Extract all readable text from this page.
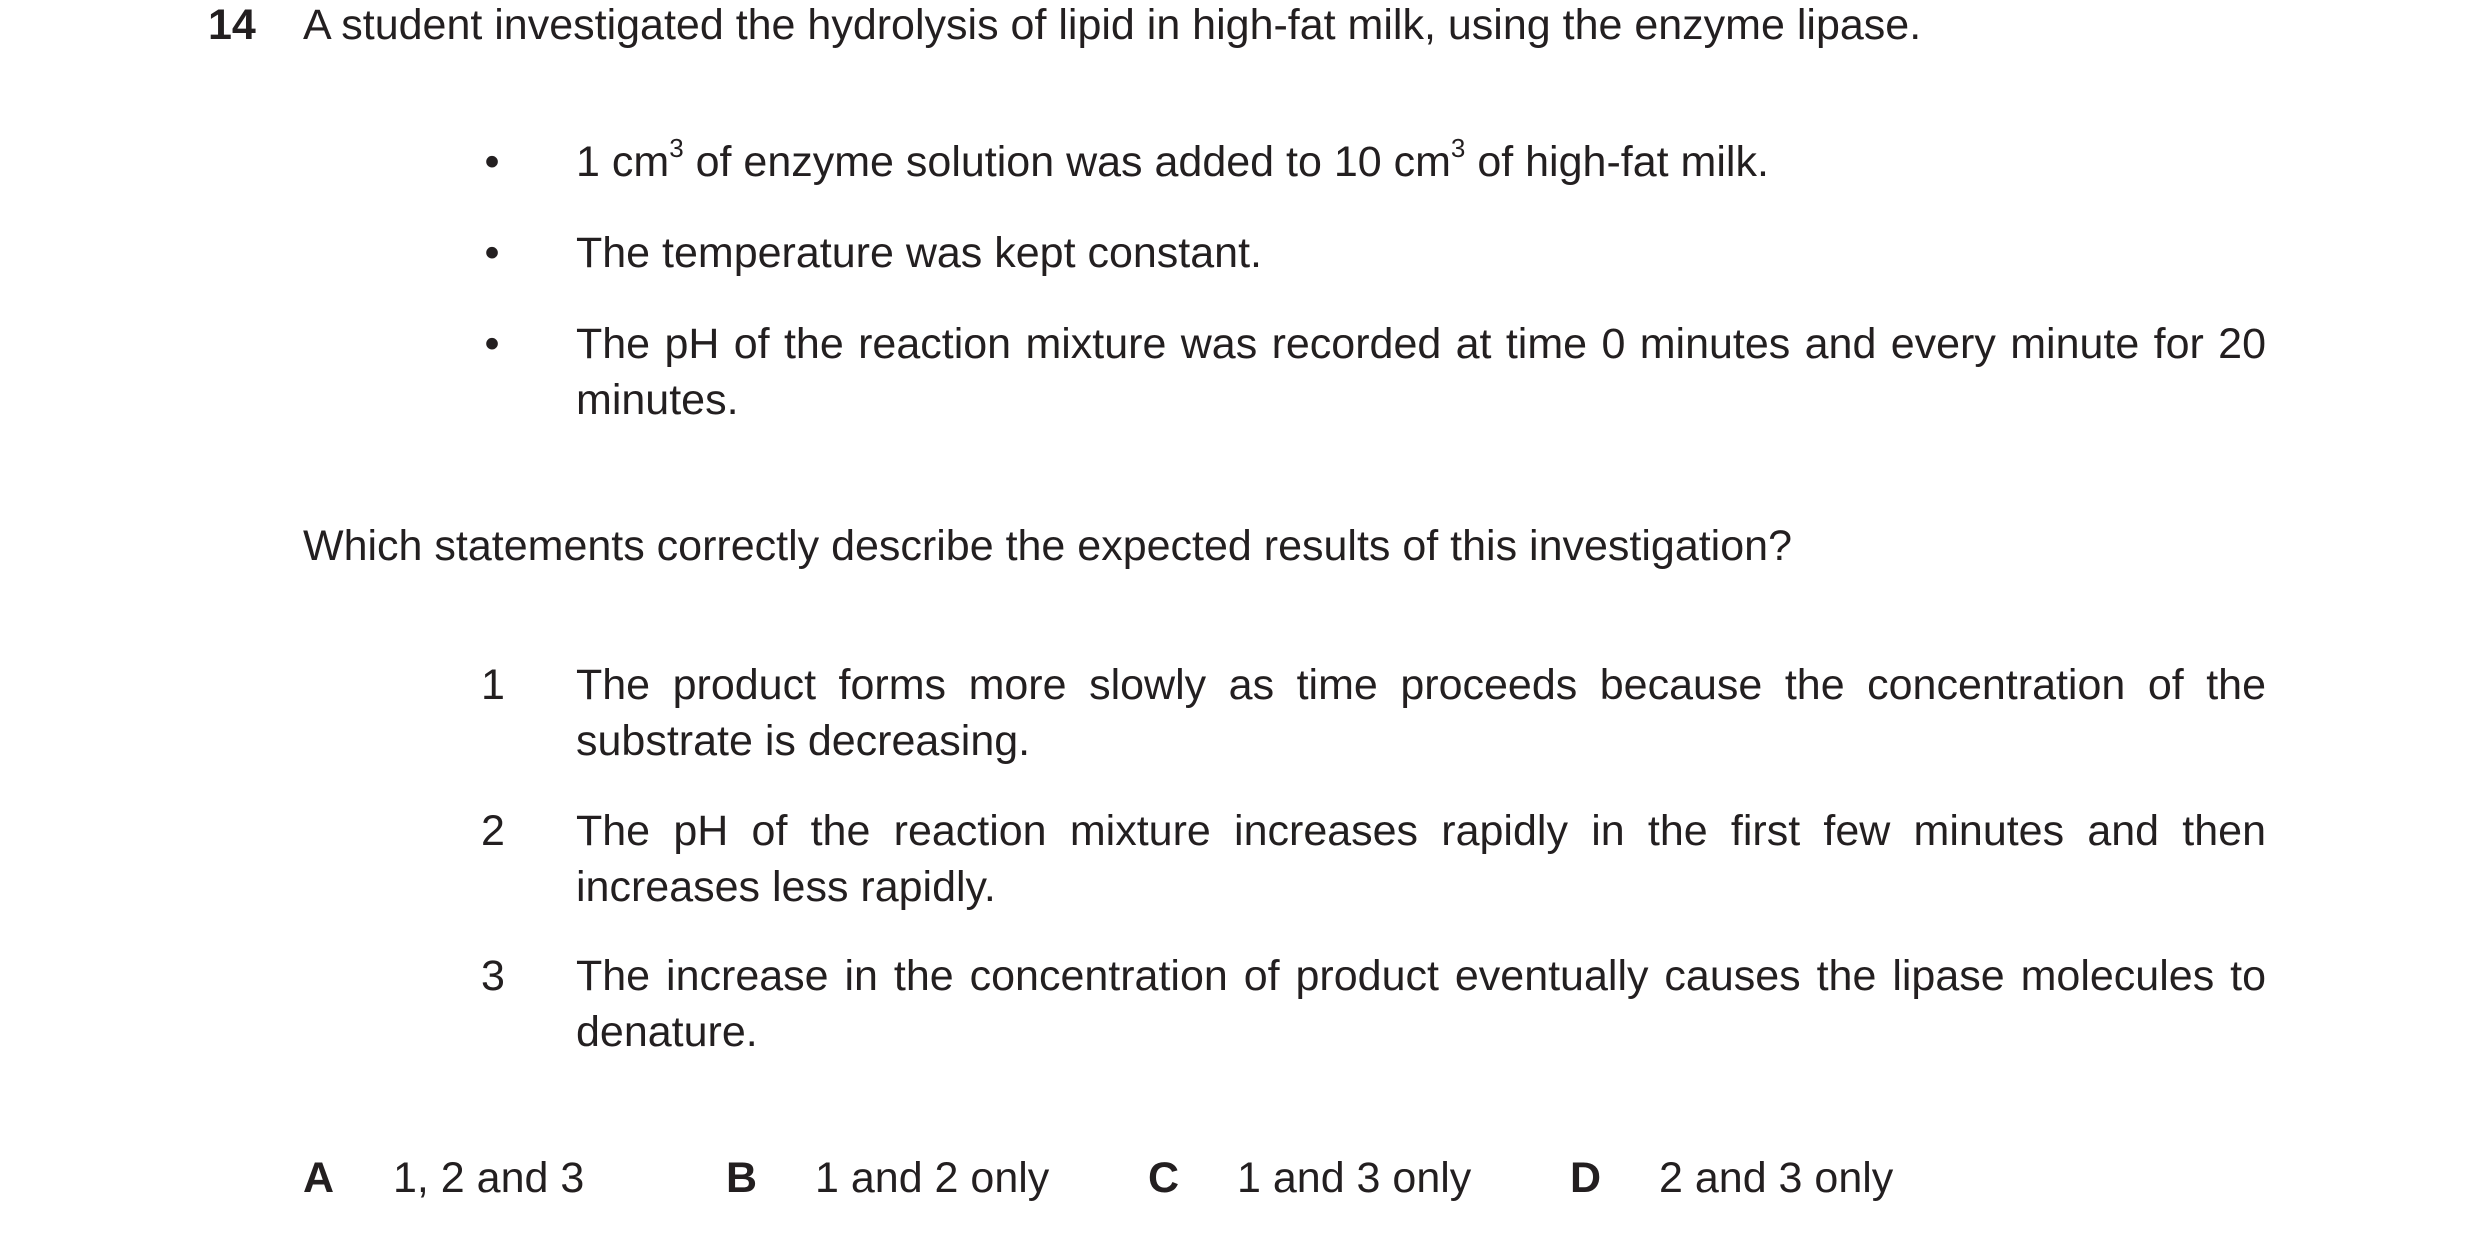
14 A student investigated the hydrolysis of lipid in high-fat milk, using the enzyme lipase.
• 1 $cm^3$ of enzyme solution was added to 10 $cm^3$ of high-fat milk.
• The temperature was kept constant.
• The pH of the reaction mixture was recorded at time 0 minutes and every minute for 20 minutes.
Which statements correctly describe the expected results of this investigation?
1 The product forms more slowly as time proceeds because the concentration of the substrate is decreasing.
2 The pH of the reaction mixture increases rapidly in the first few minutes and then increases less rapidly.
3 The increase in the concentration of product eventually causes the lipase molecules to denature.
A 1, 2 and 3	B 1 and 2 only C 1 and 3 only D 2 and 3 only
